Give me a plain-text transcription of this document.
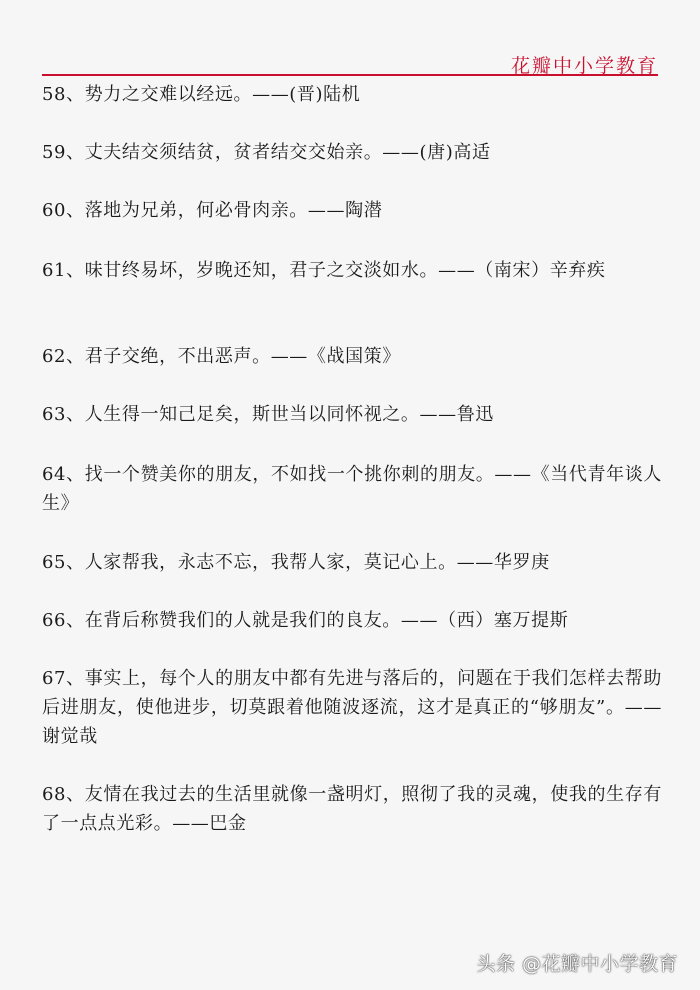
花瓣中小学教育

58、势力之交难以经远。——(晋)陆机

59、丈夫结交须结贫，贫者结交交始亲。——(唐)高适

60、落地为兄弟，何必骨肉亲。——陶潜

61、味甘终易坏，岁晚还知，君子之交淡如水。——（南宋）辛弃疾

62、君子交绝，不出恶声。——《战国策》

63、人生得一知己足矣，斯世当以同怀视之。——鲁迅

64、找一个赞美你的朋友，不如找一个挑你刺的朋友。——《当代青年谈人生》

65、人家帮我，永志不忘，我帮人家，莫记心上。——华罗庚

66、在背后称赞我们的人就是我们的良友。——（西）塞万提斯

67、事实上，每个人的朋友中都有先进与落后的，问题在于我们怎样去帮助后进朋友，使他进步，切莫跟着他随波逐流，这才是真正的“够朋友”。——谢觉哉

68、友情在我过去的生活里就像一盏明灯，照彻了我的灵魂，使我的生存有了一点点光彩。——巴金

头条 @花瓣中小学教育
